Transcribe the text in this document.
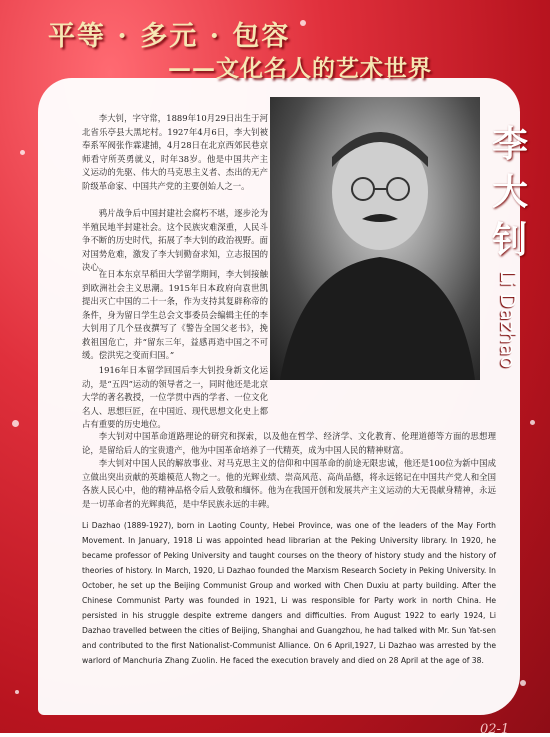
平等 · 多元 · 包容
——文化名人的艺术世界
李
大
钊
Li Dazhao

李大钊，字守常，1889年10月29日出生于河北省乐亭县大黑坨村。1927年4月6日，李大钊被奉系军阀张作霖逮捕，4月28日在北京西郊民巷京师看守所英勇就义，时年38岁。他是中国共产主义运动的先驱、伟大的马克思主义者、杰出的无产阶级革命家、中国共产党的主要创始人之一。

鸦片战争后中国封建社会腐朽不堪，逐步沦为半殖民地半封建社会。这个民族灾难深重，人民斗争不断的历史时代，拓展了李大钊的政治视野。面对国势危难，激发了李大钊勤奋求知，立志报国的决心。

在日本东京早稻田大学留学期间，李大钊接触到欧洲社会主义思潮。1915年日本政府向袁世凯提出灭亡中国的二十一条，作为支持其复辟称帝的条件，身为留日学生总会文事委员会编辑主任的李大钊用了几个昼夜撰写了《警告全国父老书》，挽救祖国危亡，并“留东三年，益感再造中国之不可缓。偿洪宪之变而归国。”

1916年日本留学回国后李大钊投身新文化运动，是“五四”运动的领导者之一，同时他还是北京大学的著名教授，一位学贯中西的学者、一位文化名人、思想巨匠，在中国近、现代思想文化史上都占有重要的历史地位。

李大钊对中国革命道路理论的研究和探索，以及他在哲学、经济学、文化教育、伦理道德等方面的思想理论，是留给后人的宝贵遗产，他为中国革命培养了一代精英，成为中国人民的精神财富。

李大钊对中国人民的解放事业、对马克思主义的信仰和中国革命的前途无限忠诚，他还是100位为新中国成立做出突出贡献的英雄模范人物之一。他的光辉业绩、崇高风范、高尚品德，将永远铭记在中国共产党人和全国各族人民心中，他的精神品格令后人致敬和缅怀。他为在我国开创和发展共产主义运动的大无畏献身精神，永远是一切革命者的光辉典范，是中华民族永远的丰碑。

Li Dazhao (1889-1927), born in Laoting County, Hebei Province, was one of the leaders of the May Forth Movement. In January, 1918 Li was appointed head librarian at the Peking University library. In 1920, he became professor of Peking University and taught courses on the theory of history study and the history of theories of history. In March, 1920, Li Dazhao founded the Marxism Research Society in Peking University. In October, he set up the Beijing Communist Group and worked with Chen Duxiu at party building. After the Chinese Communist Party was founded in 1921, Li was responsible for Party work in north China. He persisted in his struggle despite extreme dangers and difficulties. From August 1922 to early 1924, Li Dazhao travelled between the cities of Beijing, Shanghai and Guangzhou, he had talked with Mr. Sun Yat-sen and contributed to the first Nationalist-Communist Alliance. On 6 April,1927, Li Dazhao was arrested by the warlord of Manchuria Zhang Zuolin. He faced the execution bravely and died on 28 April at the age of 38.

02-1
